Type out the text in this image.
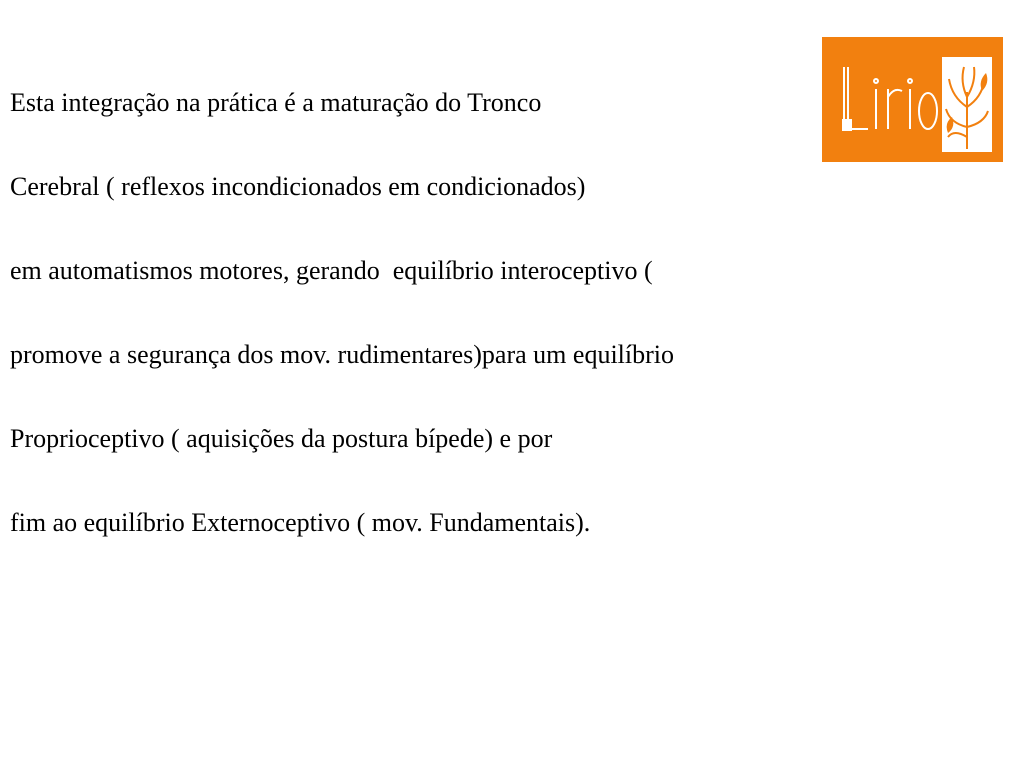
Esta integração na prática é a maturação do Tronco
Cerebral ( reflexos incondicionados em condicionados)
em automatismos motores, gerando  equilíbrio interoceptivo (
promove a segurança dos mov. rudimentares)para um equilíbrio
Proprioceptivo ( aquisições da postura bípede) e por
fim ao equilíbrio Externoceptivo ( mov. Fundamentais).
